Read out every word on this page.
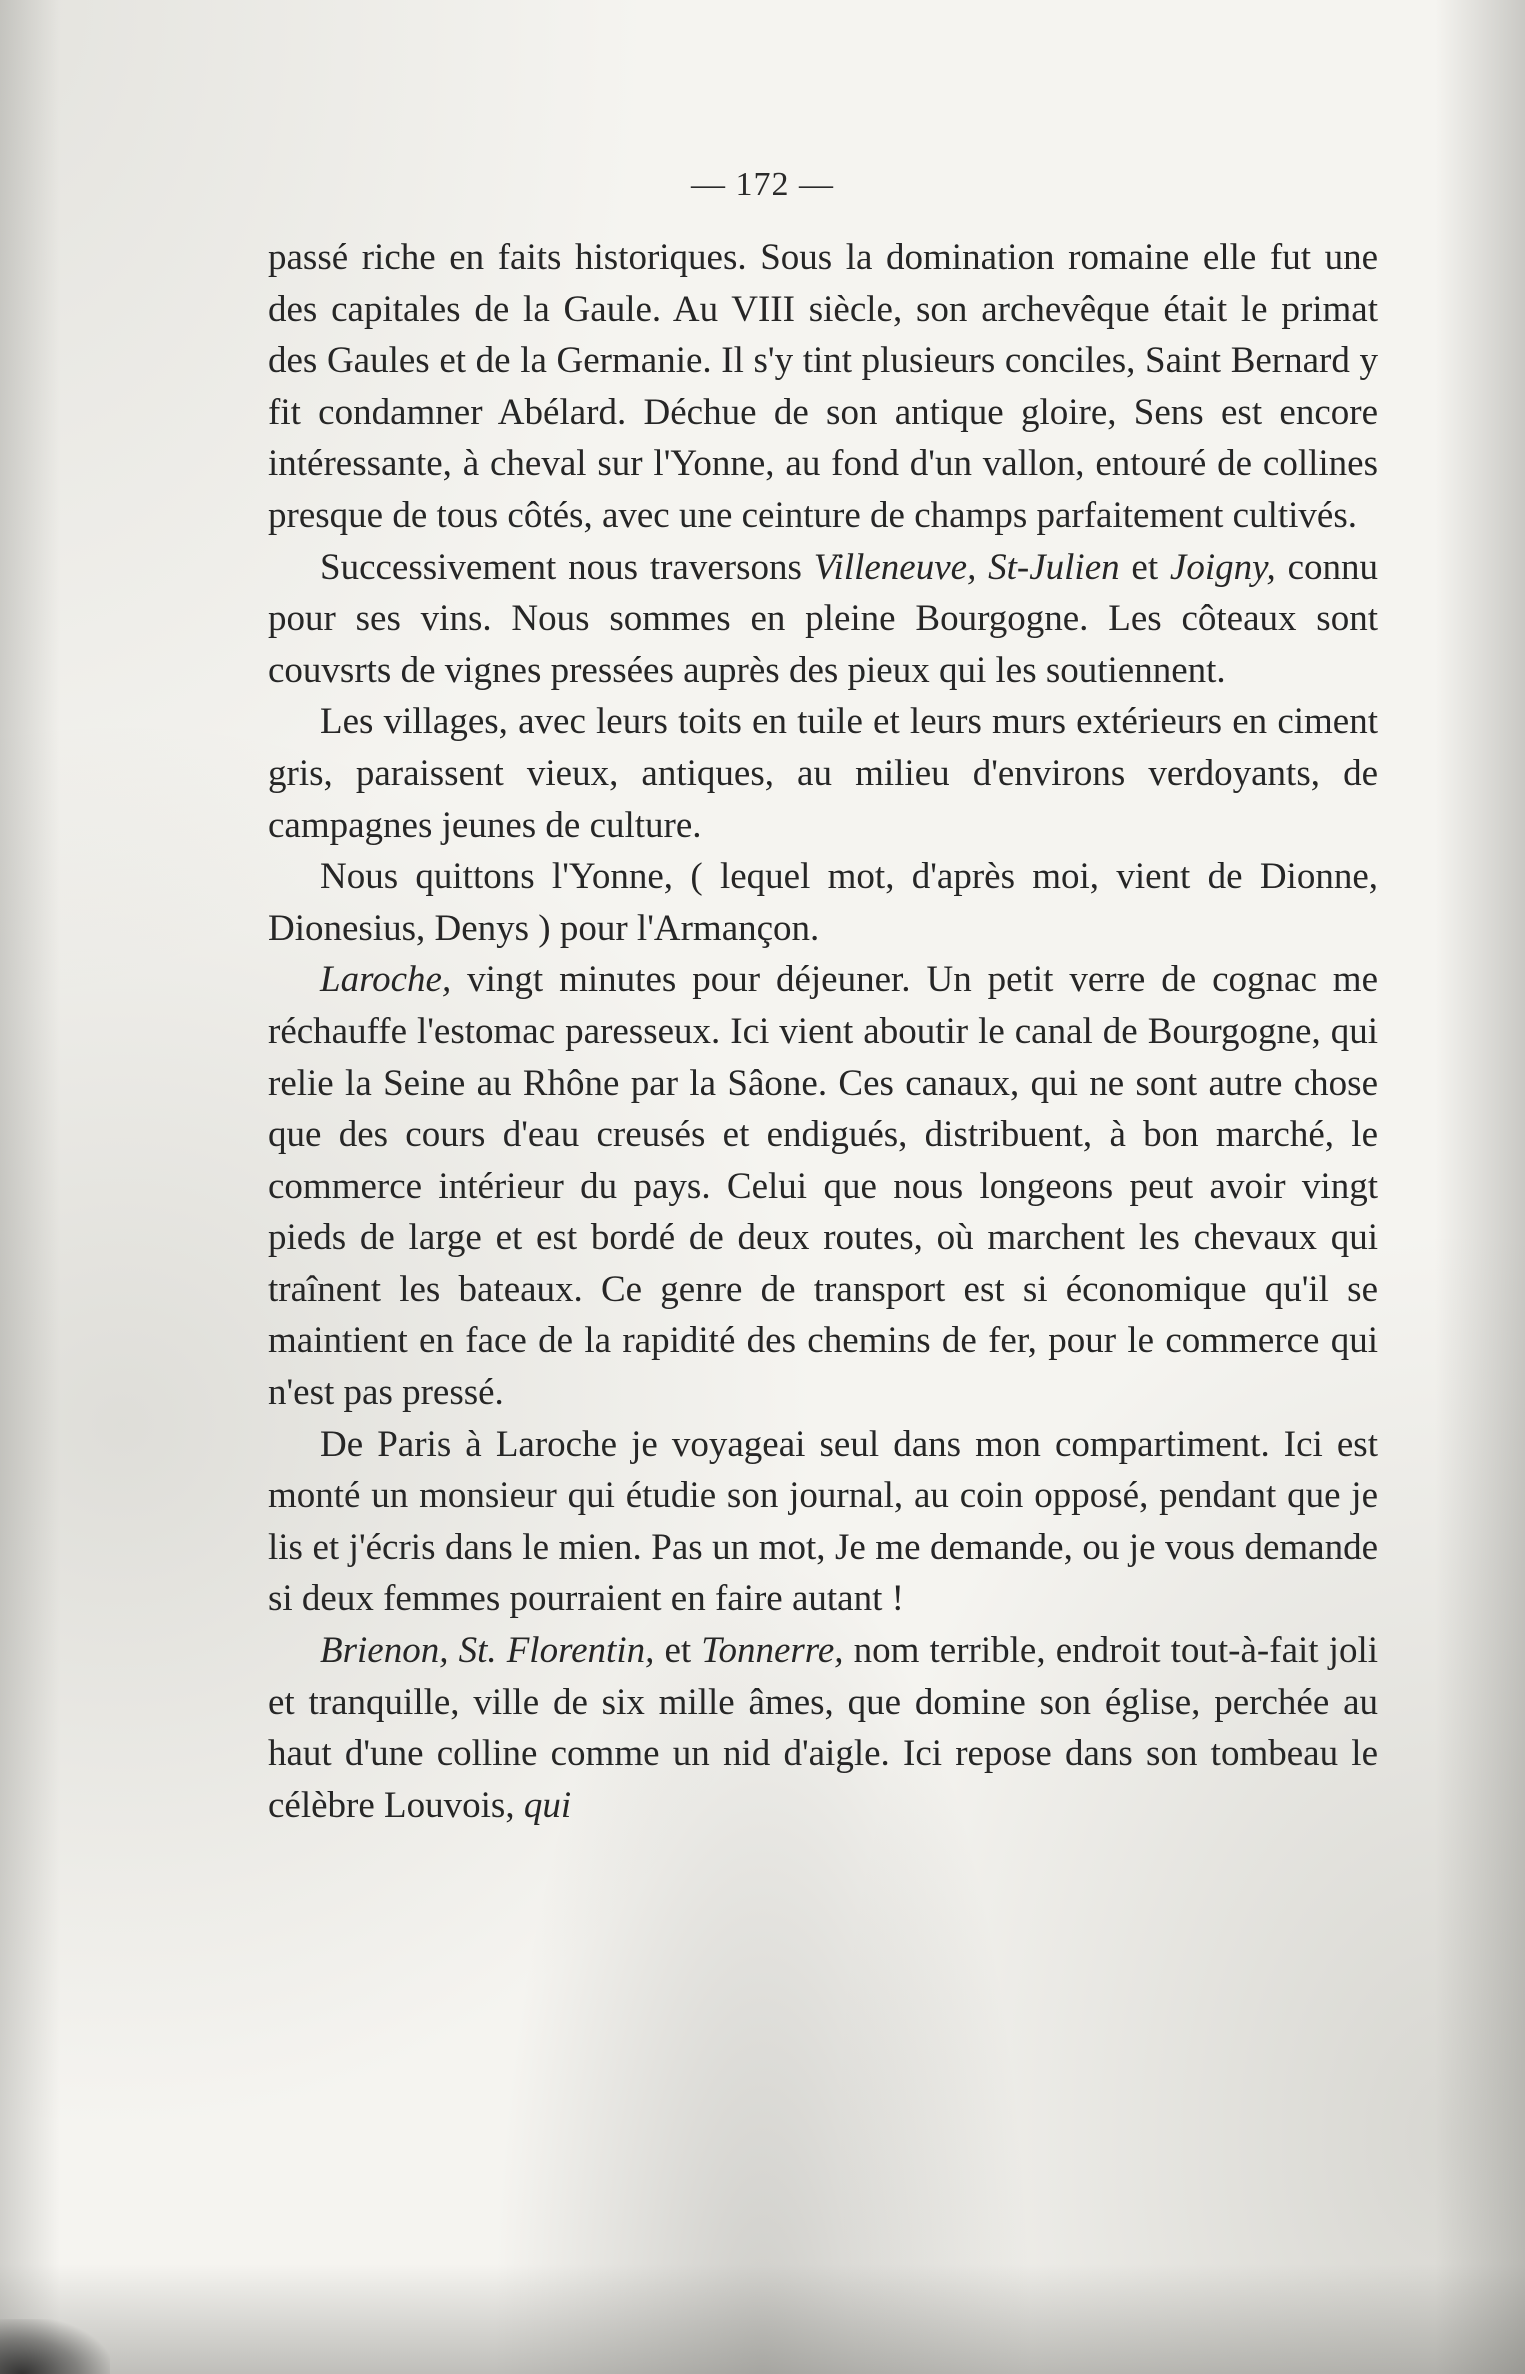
— 172 —

passé riche en faits historiques. Sous la domination romaine elle fut une des capitales de la Gaule. Au VIII siècle, son archevêque était le primat des Gaules et de la Germanie. Il s'y tint plusieurs conciles, Saint Bernard y fit condamner Abélard. Déchue de son antique gloire, Sens est encore intéressante, à cheval sur l'Yonne, au fond d'un vallon, entouré de collines presque de tous côtés, avec une ceinture de champs parfaitement cultivés.

Successivement nous traversons Villeneuve, St-Julien et Joigny, connu pour ses vins. Nous sommes en pleine Bourgogne. Les côteaux sont couvsrts de vignes pressées auprès des pieux qui les soutiennent.

Les villages, avec leurs toits en tuile et leurs murs extérieurs en ciment gris, paraissent vieux, antiques, au milieu d'environs verdoyants, de campagnes jeunes de culture.

Nous quittons l'Yonne, ( lequel mot, d'après moi, vient de Dionne, Dionesius, Denys ) pour l'Armançon.

Laroche, vingt minutes pour déjeuner. Un petit verre de cognac me réchauffe l'estomac paresseux. Ici vient aboutir le canal de Bourgogne, qui relie la Seine au Rhône par la Sâone. Ces canaux, qui ne sont autre chose que des cours d'eau creusés et endigués, distribuent, à bon marché, le commerce intérieur du pays. Celui que nous longeons peut avoir vingt pieds de large et est bordé de deux routes, où marchent les chevaux qui traînent les bateaux. Ce genre de transport est si économique qu'il se maintient en face de la rapidité des chemins de fer, pour le commerce qui n'est pas pressé.

De Paris à Laroche je voyageai seul dans mon compartiment. Ici est monté un monsieur qui étudie son journal, au coin opposé, pendant que je lis et j'écris dans le mien. Pas un mot, Je me demande, ou je vous demande si deux femmes pourraient en faire autant !

Brienon, St. Florentin, et Tonnerre, nom terrible, endroit tout-à-fait joli et tranquille, ville de six mille âmes, que domine son église, perchée au haut d'une colline comme un nid d'aigle. Ici repose dans son tombeau le célèbre Louvois, qui
